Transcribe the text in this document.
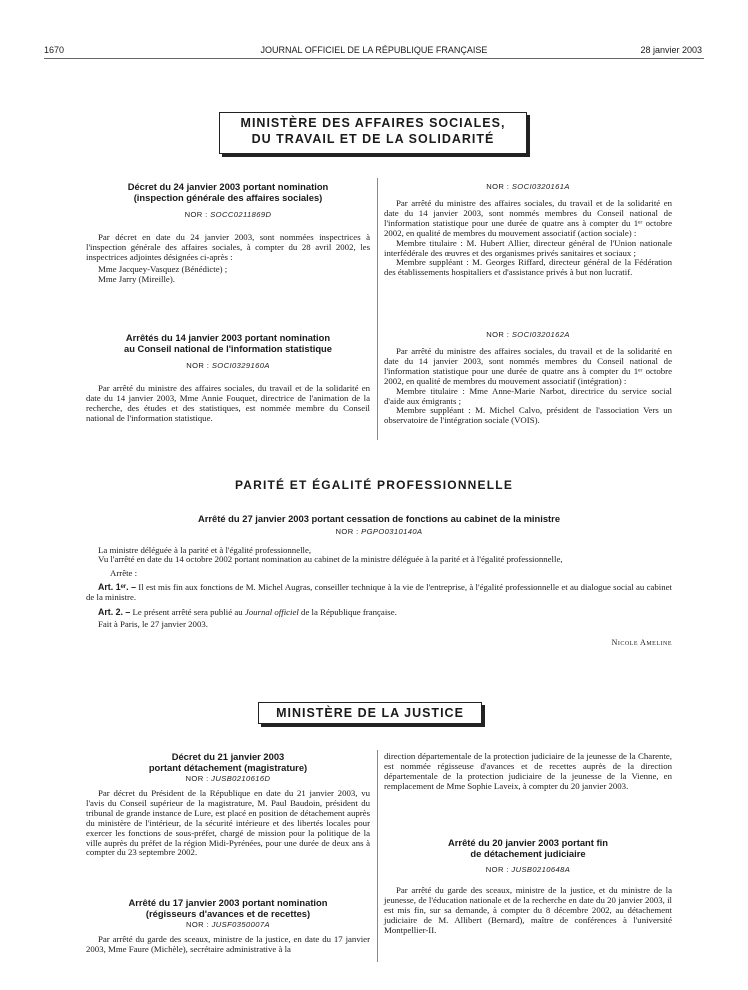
1670	JOURNAL OFFICIEL DE LA RÉPUBLIQUE FRANÇAISE	28 janvier 2003
MINISTÈRE DES AFFAIRES SOCIALES,
DU TRAVAIL ET DE LA SOLIDARITÉ
Décret du 24 janvier 2003 portant nomination
(inspection générale des affaires sociales)
NOR : SOCC0211869D

Par décret en date du 24 janvier 2003, sont nommées inspectrices à l'inspection générale des affaires sociales, à compter du 28 avril 2002, les inspectrices adjointes désignées ci-après :

Mme Jacquey-Vasquez (Bénédicte) ;

Mme Jarry (Mireille).

Arrêtés du 14 janvier 2003 portant nomination
au Conseil national de l'information statistique
NOR : SOCI0329160A

Par arrêté du ministre des affaires sociales, du travail et de la solidarité en date du 14 janvier 2003, Mme Annie Fouquet, directrice de l'animation de la recherche, des études et des statistiques, est nommée membre du Conseil national de l'information statistique.

NOR : SOCI0320161A

Par arrêté du ministre des affaires sociales, du travail et de la solidarité en date du 14 janvier 2003, sont nommés membres du Conseil national de l'information statistique pour une durée de quatre ans à compter du 1ᵉʳ octobre 2002, en qualité de membres du mouvement associatif (action sociale) :

Membre titulaire : M. Hubert Allier, directeur général de l'Union nationale interfédérale des œuvres et des organismes privés sanitaires et sociaux ;

Membre suppléant : M. Georges Riffard, directeur général de la Fédération des établissements hospitaliers et d'assistance privés à but non lucratif.

NOR : SOCI0320162A

Par arrêté du ministre des affaires sociales, du travail et de la solidarité en date du 14 janvier 2003, sont nommés membres du Conseil national de l'information statistique pour une durée de quatre ans à compter du 1ᵉʳ octobre 2002, en qualité de membres du mouvement associatif (intégration) :

Membre titulaire : Mme Anne-Marie Narbot, directrice du service social d'aide aux émigrants ;

Membre suppléant : M. Michel Calvo, président de l'association Vers un observatoire de l'intégration sociale (VOIS).

PARITÉ ET ÉGALITÉ PROFESSIONNELLE
Arrêté du 27 janvier 2003 portant cessation de fonctions au cabinet de la ministre
NOR : PGPO0310140A

La ministre déléguée à la parité et à l'égalité professionnelle,

Vu l'arrêté en date du 14 octobre 2002 portant nomination au cabinet de la ministre déléguée à la parité et à l'égalité professionnelle,

Arrête :

Art. 1ᵉʳ. – Il est mis fin aux fonctions de M. Michel Augras, conseiller technique à la vie de l'entreprise, à l'égalité professionnelle et au dialogue social au cabinet de la ministre.

Art. 2. – Le présent arrêté sera publié au Journal officiel de la République française.

Fait à Paris, le 27 janvier 2003.

Nicole Ameline

MINISTÈRE DE LA JUSTICE
Décret du 21 janvier 2003
portant détachement (magistrature)
NOR : JUSB0210616D

Par décret du Président de la République en date du 21 janvier 2003, vu l'avis du Conseil supérieur de la magistrature, M. Paul Baudoin, président du tribunal de grande instance de Lure, est placé en position de détachement auprès du ministère de l'intérieur, de la sécurité intérieure et des libertés locales pour exercer les fonctions de sous-préfet, chargé de mission pour la politique de la ville auprès du préfet de la région Midi-Pyrénées, pour une durée de deux ans à compter du 23 septembre 2002.

Arrêté du 17 janvier 2003 portant nomination
(régisseurs d'avances et de recettes)
NOR : JUSF0350007A

Par arrêté du garde des sceaux, ministre de la justice, en date du 17 janvier 2003, Mme Faure (Michèle), secrétaire administrative à la

direction départementale de la protection judiciaire de la jeunesse de la Charente, est nommée régisseuse d'avances et de recettes auprès de la direction départementale de la protection judiciaire de la jeunesse de la Vienne, en remplacement de Mme Sophie Laveix, à compter du 20 janvier 2003.

Arrêté du 20 janvier 2003 portant fin
de détachement judiciaire
NOR : JUSB0210648A

Par arrêté du garde des sceaux, ministre de la justice, et du ministre de la jeunesse, de l'éducation nationale et de la recherche en date du 20 janvier 2003, il est mis fin, sur sa demande, à compter du 8 décembre 2002, au détachement judiciaire de M. Allibert (Bernard), maître de conférences à l'université Montpellier-II.
